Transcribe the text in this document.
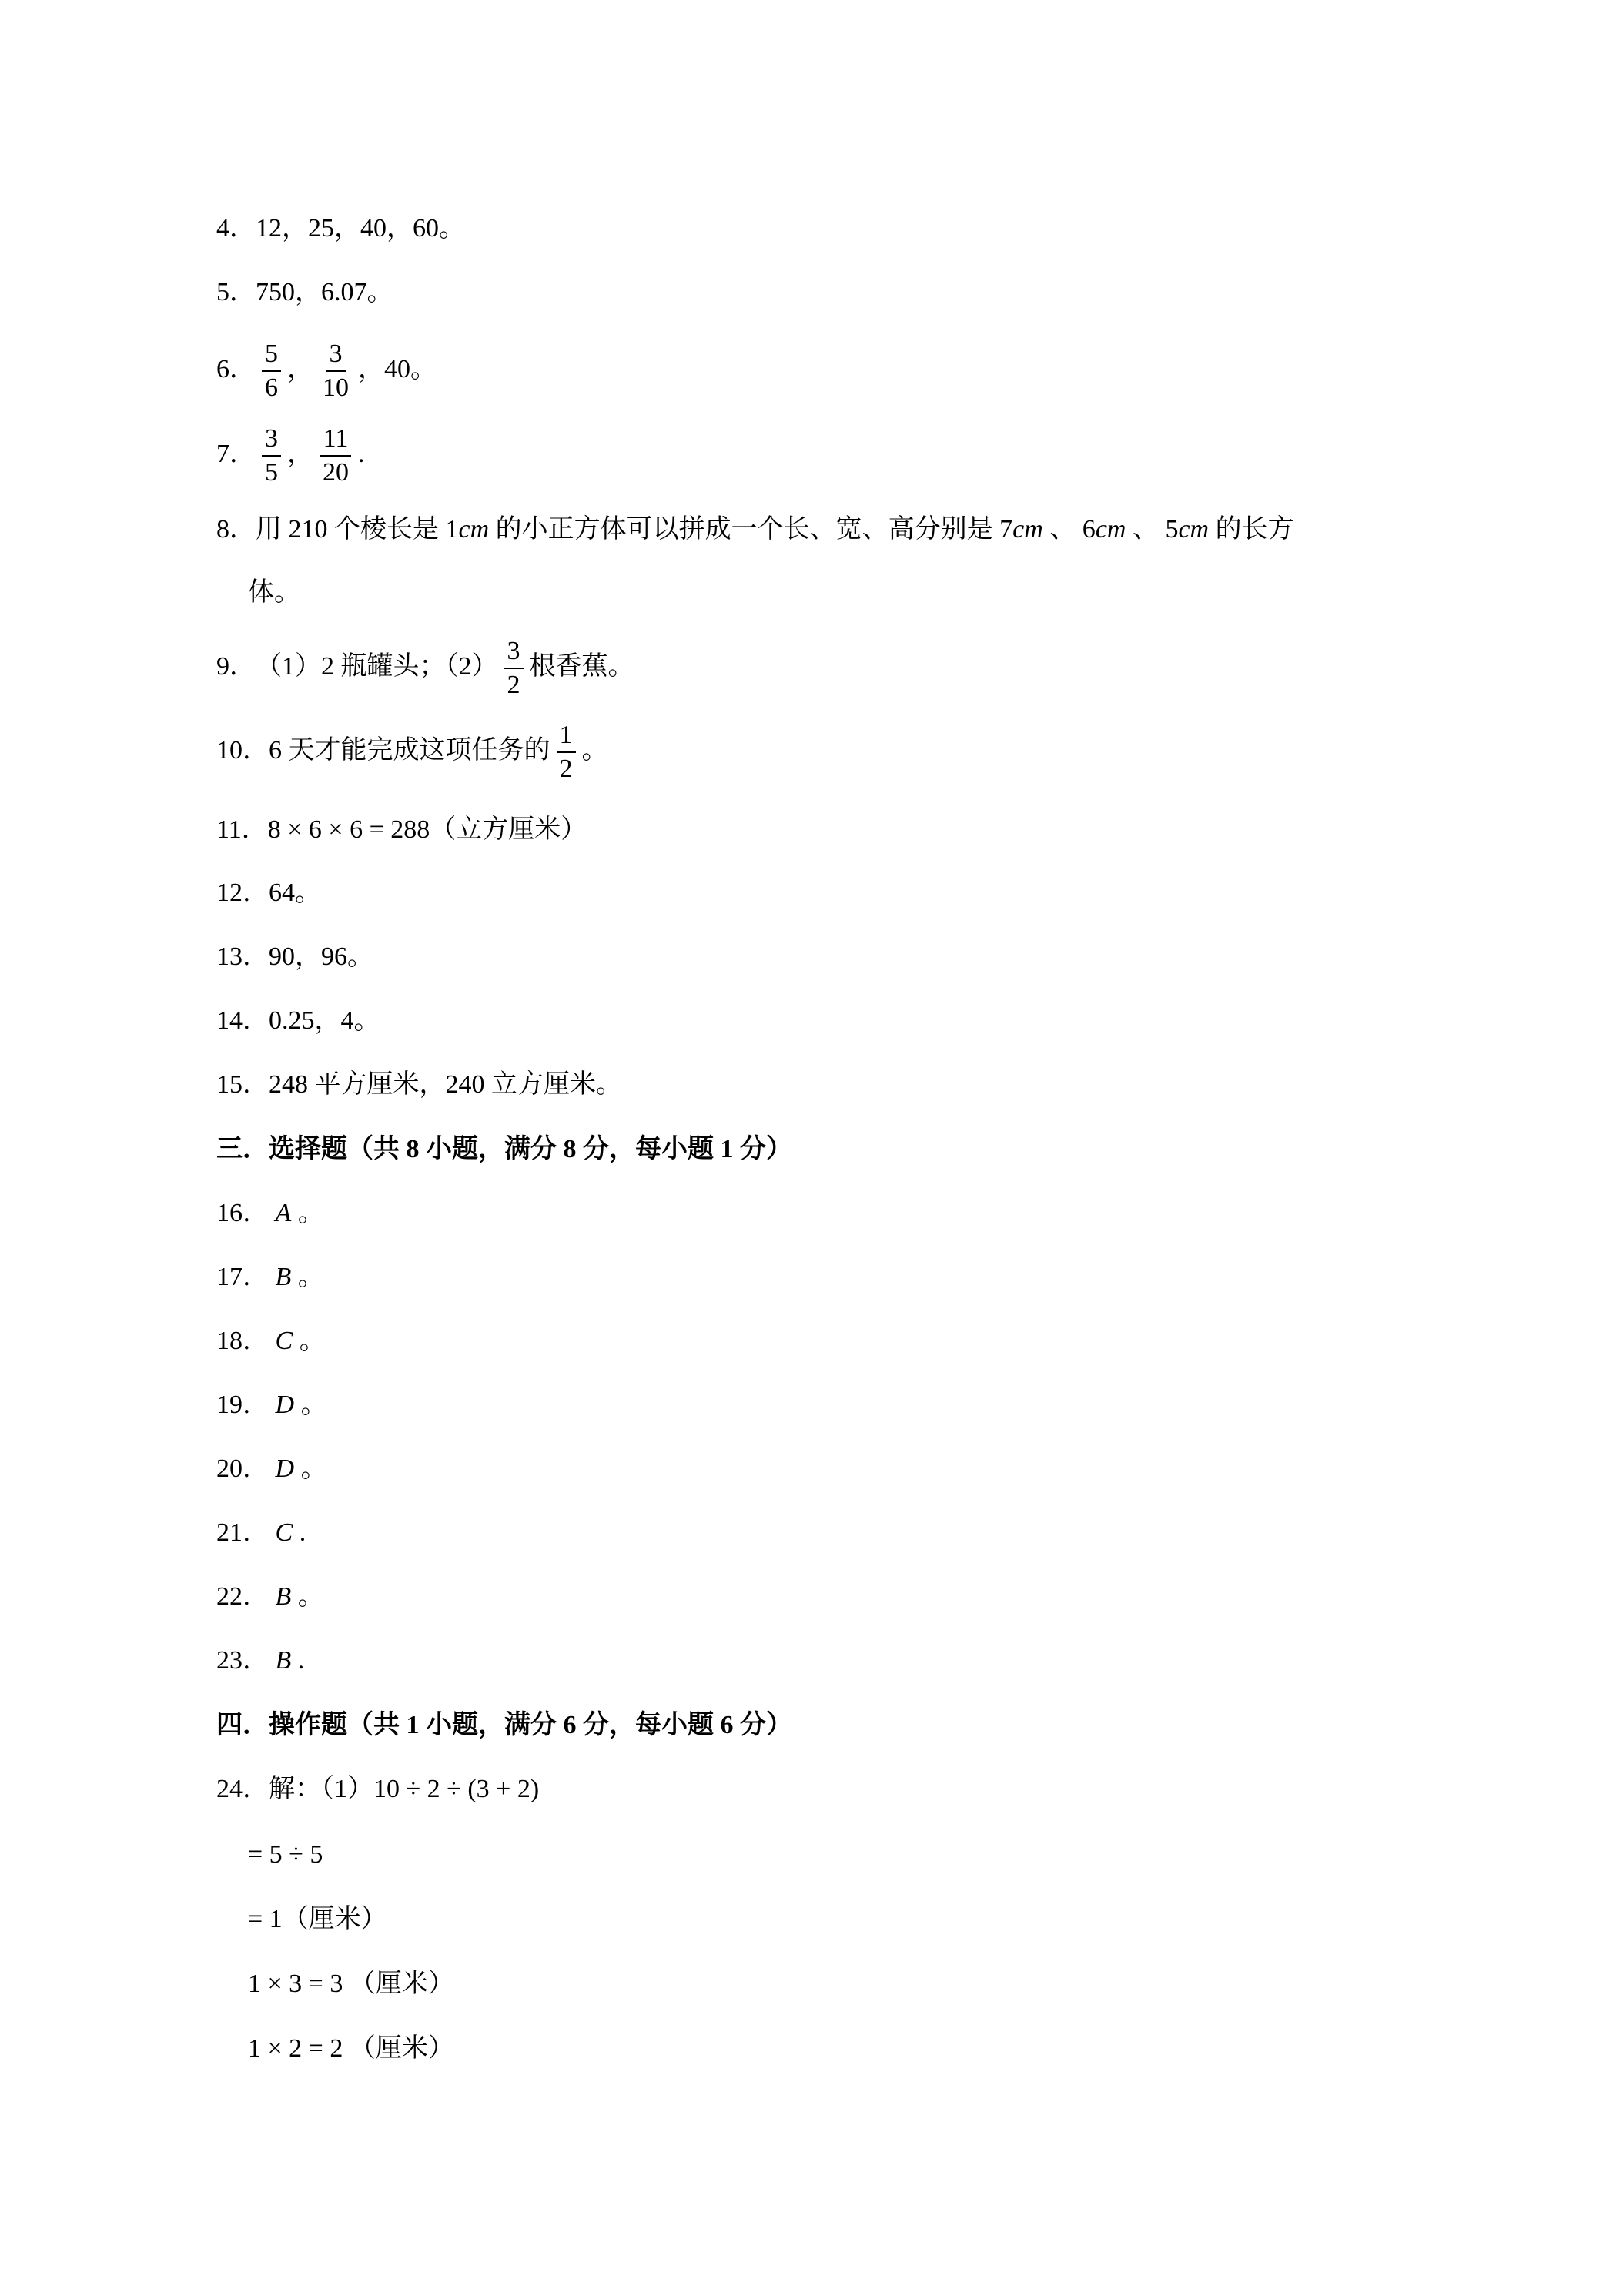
4．12，25，40，60。
5．750，6.07。
6． $\frac{5}{6}$ ， $\frac{3}{10}$ ，40。
7． $\frac{3}{5}$ ， $\frac{11}{20}$ .
8．用 210 个棱长是 1cm 的小正方体可以拼成一个长、宽、高分别是 7cm 、 6cm 、 5cm 的长方
体。
9．（1）2 瓶罐头；$(2) \frac{3}{2}$ 根香蕉。
10．6 天才能完成这项任务的 $\frac{1}{2}$ 。
11．8 × 6 × 6 = 288（立方厘米）
12．64。
13．90，96。
14．0.25，4。
15．248 平方厘米，240 立方厘米。
三．选择题（共 8 小题，满分 8 分，每小题 1 分）
16． A 。
17． B 。
18． C 。
19． D 。
20． D 。
21． C .
22． B 。
23． B .
四．操作题（共 1 小题，满分 6 分，每小题 6 分）
24．解：（1）10 ÷ 2 ÷ (3 + 2)
= 5 ÷ 5
= 1（厘米）
1 × 3 = 3 （厘米）
1 × 2 = 2 （厘米）
